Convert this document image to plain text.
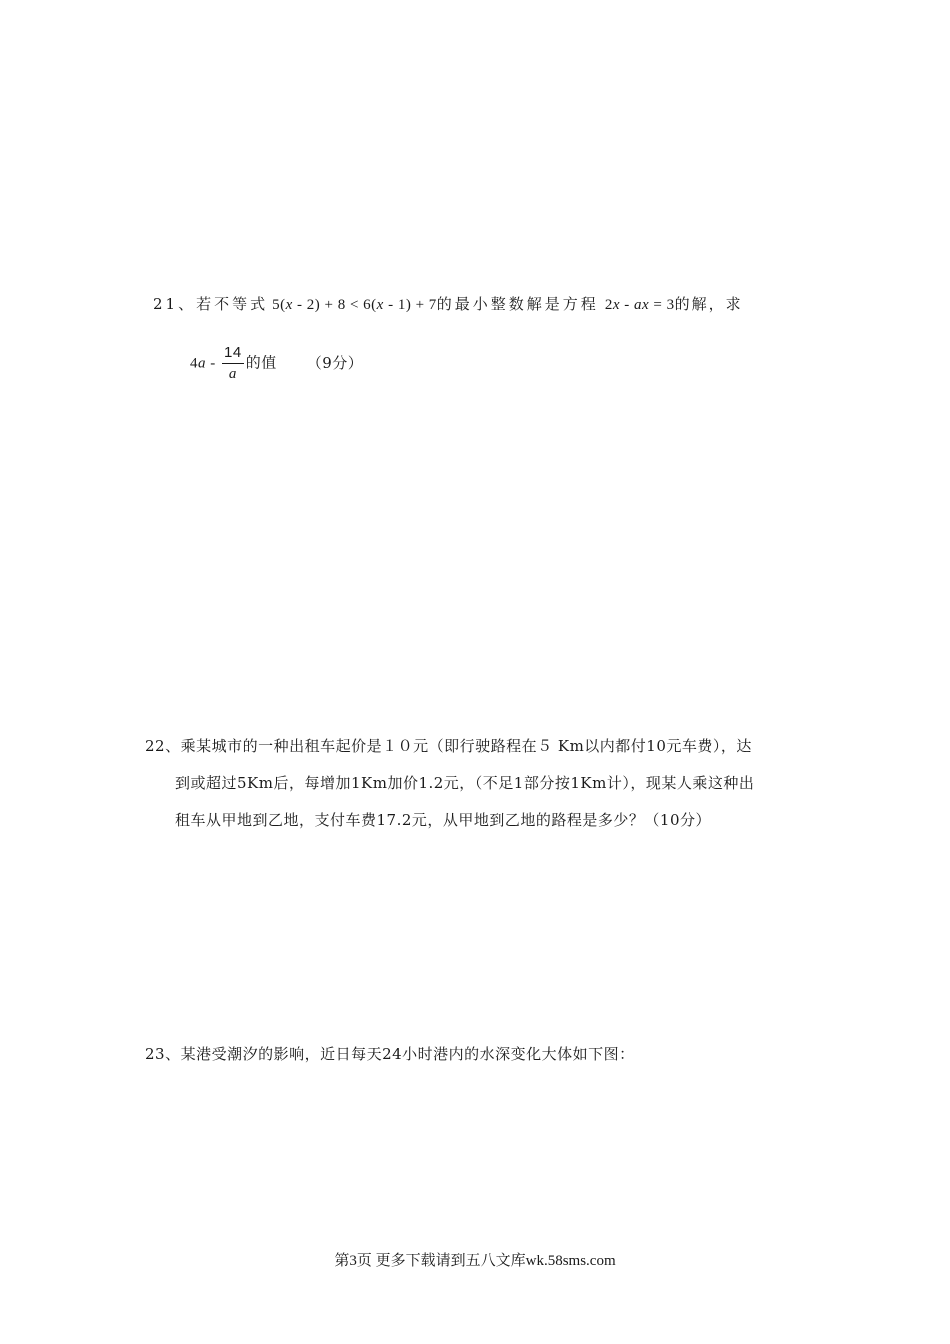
21、若不等式 5(x - 2) + 8 < 6(x - 1) + 7的最小整数解是方程 2x - ax = 3的解，求
$4a - \frac{14}{a}$ 的值 （9分）
22、乘某城市的一种出租车起价是１０元（即行驶路程在５ Km以内都付10元车费），达
到或超过5Km后，每增加1Km加价1.2元，（不足1部分按1Km计），现某人乘这种出
租车从甲地到乙地，支付车费17.2元，从甲地到乙地的路程是多少？（10分）
23、某港受潮汐的影响，近日每天24小时港内的水深变化大体如下图：
第3页 更多下载请到五八文库wk.58sms.com
